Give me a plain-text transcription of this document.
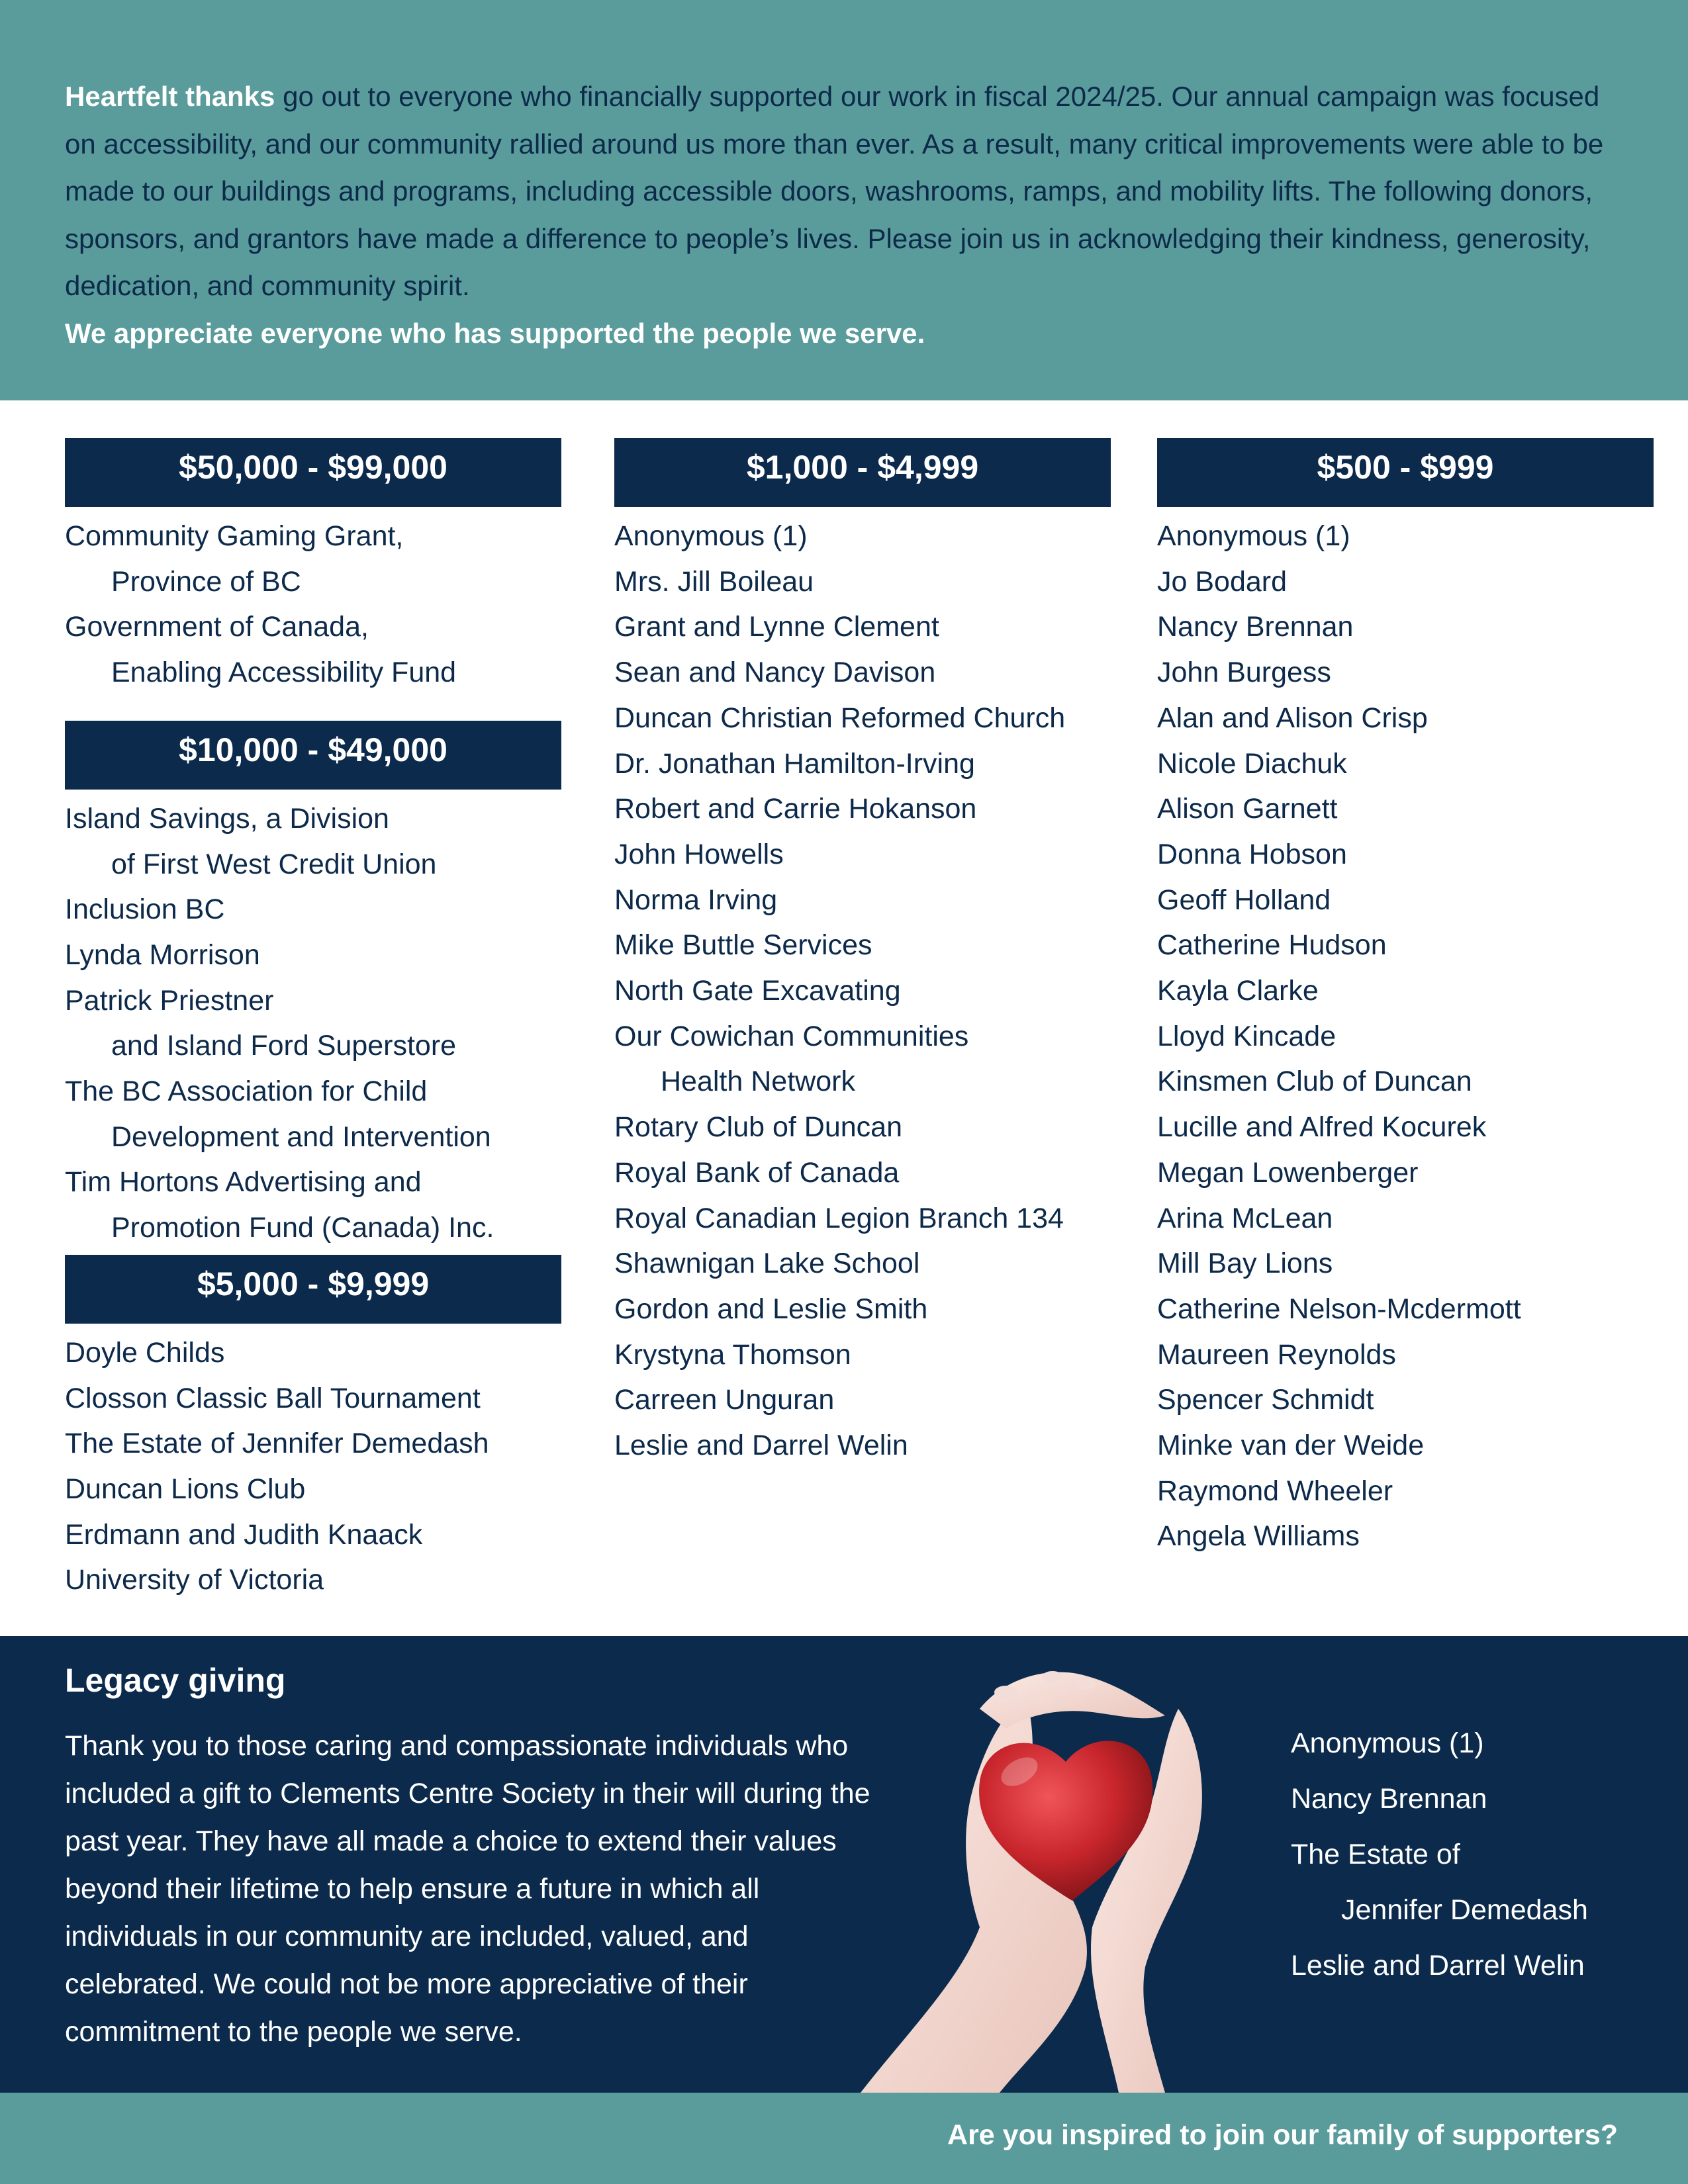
Heartfelt thanks go out to everyone who financially supported our work in fiscal 2024/25. Our annual campaign was focused on accessibility, and our community rallied around us more than ever. As a result, many critical improvements were able to be made to our buildings and programs, including accessible doors, washrooms, ramps, and mobility lifts. The following donors, sponsors, and grantors have made a difference to people’s lives. Please join us in acknowledging their kindness, generosity, dedication, and community spirit.

We appreciate everyone who has supported the people we serve.

$50,000 - $99,000
Community Gaming Grant,
Province of BC
Government of Canada,
Enabling Accessibility Fund
$10,000 - $49,000
Island Savings, a Division
of First West Credit Union
Inclusion BC
Lynda Morrison
Patrick Priestner
and Island Ford Superstore
The BC Association for Child
Development and Intervention
Tim Hortons Advertising and
Promotion Fund (Canada) Inc.
$5,000 - $9,999
Doyle Childs
Closson Classic Ball Tournament
The Estate of Jennifer Demedash
Duncan Lions Club
Erdmann and Judith Knaack
University of Victoria
$1,000 - $4,999
Anonymous (1)
Mrs. Jill Boileau
Grant and Lynne Clement
Sean and Nancy Davison
Duncan Christian Reformed Church
Dr. Jonathan Hamilton-Irving
Robert and Carrie Hokanson
John Howells
Norma Irving
Mike Buttle Services
North Gate Excavating
Our Cowichan Communities
Health Network
Rotary Club of Duncan
Royal Bank of Canada
Royal Canadian Legion Branch 134
Shawnigan Lake School
Gordon and Leslie Smith
Krystyna Thomson
Carreen Unguran
Leslie and Darrel Welin
$500 - $999
Anonymous (1)
Jo Bodard
Nancy Brennan
John Burgess
Alan and Alison Crisp
Nicole Diachuk
Alison Garnett
Donna Hobson
Geoff Holland
Catherine Hudson
Kayla Clarke
Lloyd Kincade
Kinsmen Club of Duncan
Lucille and Alfred Kocurek
Megan Lowenberger
Arina McLean
Mill Bay Lions
Catherine Nelson-Mcdermott
Maureen Reynolds
Spencer Schmidt
Minke van der Weide
Raymond Wheeler
Angela Williams
Legacy giving

Thank you to those caring and compassionate individuals who included a gift to Clements Centre Society in their will during the past year. They have all made a choice to extend their values beyond their lifetime to help ensure a future in which all individuals in our community are included, valued, and celebrated. We could not be more appreciative of their commitment to the people we serve.

Anonymous (1)
Nancy Brennan
The Estate of
Jennifer Demedash
Leslie and Darrel Welin
Are you inspired to join our family of supporters?
